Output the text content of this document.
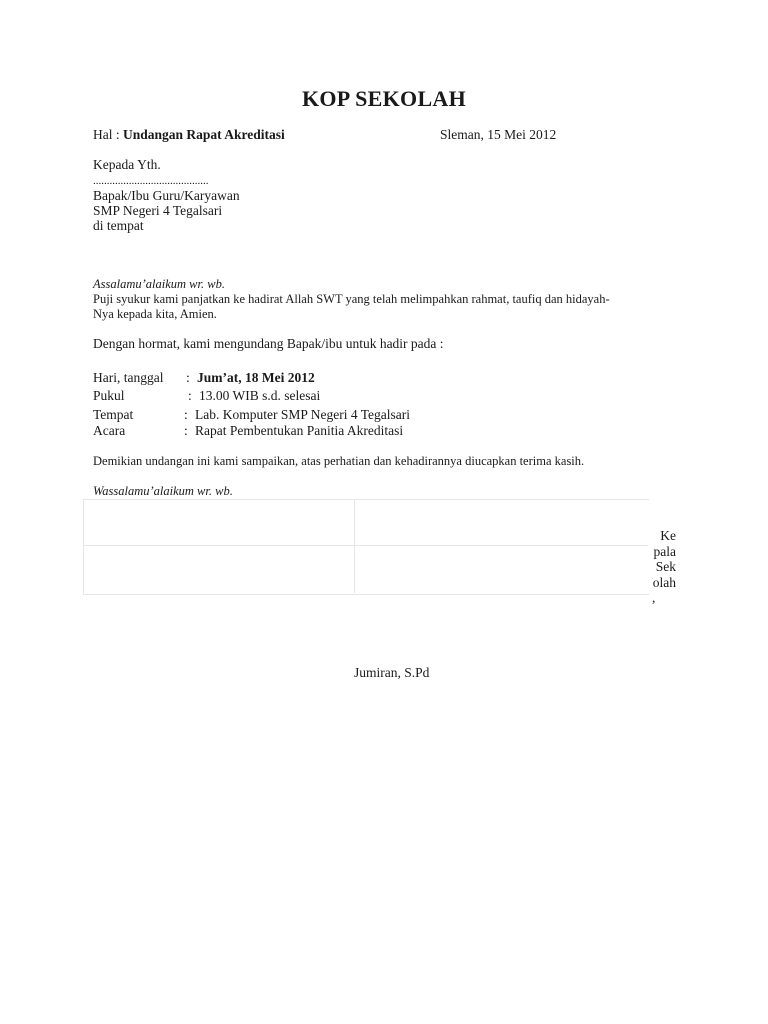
KOP SEKOLAH
Hal : Undangan Rapat Akreditasi	Sleman, 15 Mei 2012
Kepada Yth.
..........................................
Bapak/Ibu Guru/Karyawan
SMP Negeri 4 Tegalsari
di tempat
Assalamu’alaikum wr. wb.
Puji syukur kami panjatkan ke hadirat Allah SWT yang telah melimpahkan rahmat, taufiq dan hidayah-
Nya kepada kita, Amien.
Dengan hormat, kami mengundang Bapak/ibu untuk hadir pada :
Hari, tanggal : Jum’at, 18 Mei 2012
Pukul	: 13.00 WIB s.d. selesai
Tempat	: Lab. Komputer SMP Negeri 4 Tegalsari
Acara	: Rapat Pembentukan Panitia Akreditasi
Demikian undangan ini kami sampaikan, atas perhatian dan kehadirannya diucapkan terima kasih.
Wassalamu’alaikum wr. wb.
Ke
pala
Sek
olah
,
Jumiran, S.Pd
